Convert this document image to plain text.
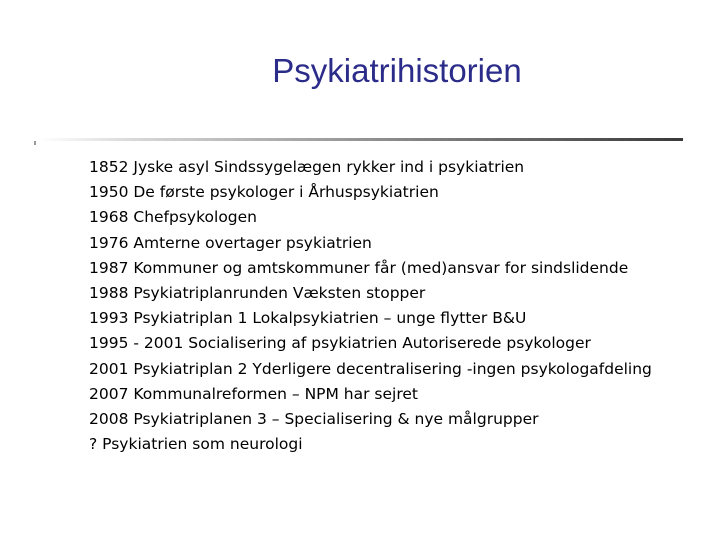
Psykiatrihistorien
1852 Jyske asyl Sindssygelægen rykker ind i psykiatrien
1950 De første psykologer i Århuspsykiatrien
1968 Chefpsykologen
1976 Amterne overtager psykiatrien
1987 Kommuner og amtskommuner får (med)ansvar for sindslidende
1988 Psykiatriplanrunden Væksten stopper
1993 Psykiatriplan 1 Lokalpsykiatrien – unge flytter B&U
1995 - 2001 Socialisering af psykiatrien Autoriserede psykologer
2001 Psykiatriplan 2 Yderligere decentralisering -ingen psykologafdeling
2007 Kommunalreformen – NPM har sejret
2008 Psykiatriplanen 3 – Specialisering & nye målgrupper
? Psykiatrien som neurologi
